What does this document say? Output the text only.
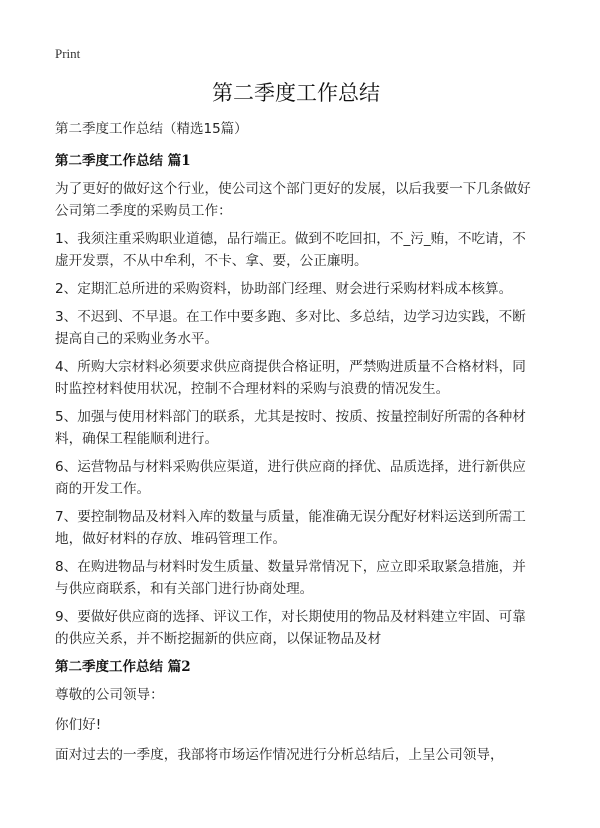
Print
第二季度工作总结
第二季度工作总结（精选15篇）
第二季度工作总结 篇1

为了更好的做好这个行业，使公司这个部门更好的发展，以后我要一下几条做好公司第二季度的采购员工作：

1、我须注重采购职业道德，品行端正。做到不吃回扣，不_污_贿，不吃请，不虚开发票，不从中牟利，不卡、拿、要，公正廉明。

2、定期汇总所进的采购资料，协助部门经理、财会进行采购材料成本核算。

3、不迟到、不早退。在工作中要多跑、多对比、多总结，边学习边实践，不断提高自己的采购业务水平。

4、所购大宗材料必须要求供应商提供合格证明，严禁购进质量不合格材料，同时监控材料使用状况，控制不合理材料的采购与浪费的情况发生。

5、加强与使用材料部门的联系，尤其是按时、按质、按量控制好所需的各种材料，确保工程能顺利进行。

6、运营物品与材料采购供应渠道，进行供应商的择优、品质选择，进行新供应商的开发工作。

7、要控制物品及材料入库的数量与质量，能准确无误分配好材料运送到所需工地，做好材料的存放、堆码管理工作。

8、在购进物品与材料时发生质量、数量异常情况下，应立即采取紧急措施，并与供应商联系，和有关部门进行协商处理。

9、要做好供应商的选择、评议工作，对长期使用的物品及材料建立牢固、可靠的供应关系，并不断挖掘新的供应商，以保证物品及材

第二季度工作总结 篇2

尊敬的公司领导：

你们好!

面对过去的一季度，我部将市场运作情况进行分析总结后，上呈公司领导，
